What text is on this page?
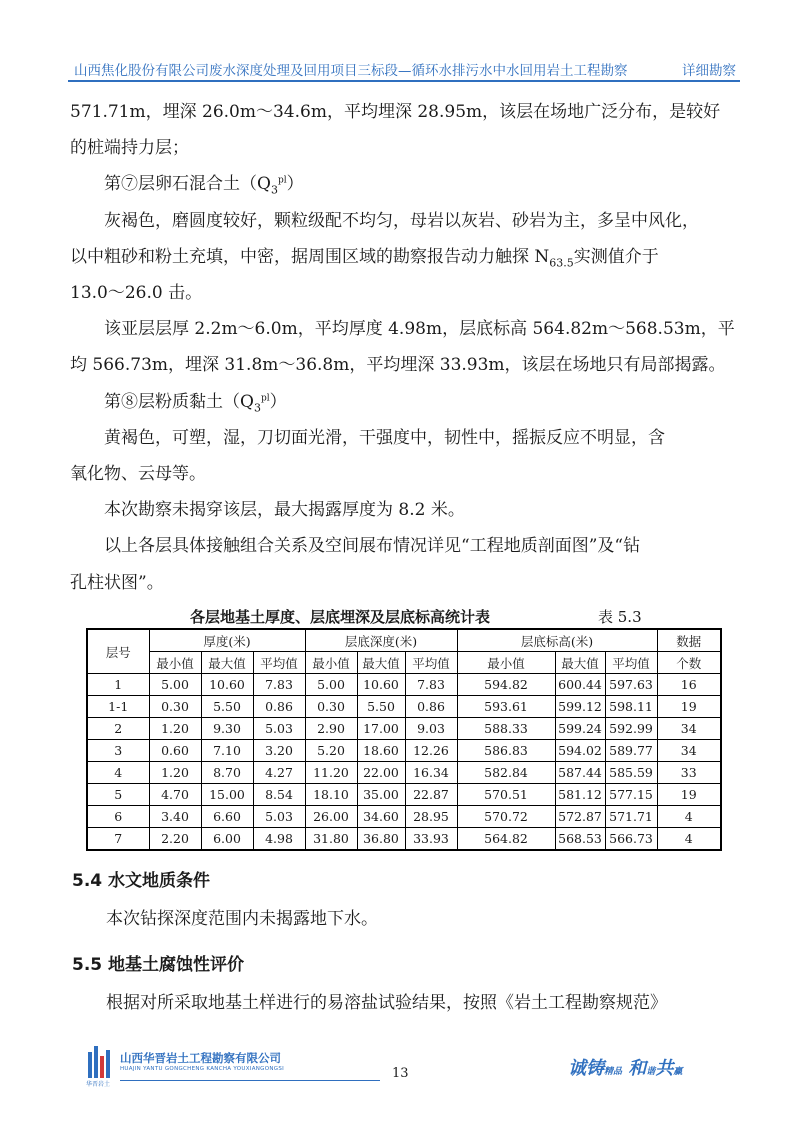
山西焦化股份有限公司废水深度处理及回用项目三标段—循环水排污水中水回用岩土工程勘察	详细勘察

571.71m，埋深 26.0m～34.6m，平均埋深 28.95m，该层在场地广泛分布，是较好

的桩端持力层；

第⑦层卵石混合土$(Q_3^{pl})$

灰褐色，磨圆度较好，颗粒级配不均匀，母岩以灰岩、砂岩为主，多呈中风化，

以中粗砂和粉土充填，中密，据周围区域的勘察报告动力触探 $N_{63.5}$实测值介于

13.0～26.0 击。

该亚层层厚 2.2m～6.0m，平均厚度 4.98m，层底标高 564.82m～568.53m，平

均 566.73m，埋深 31.8m～36.8m，平均埋深 33.93m，该层在场地只有局部揭露。

第⑧层粉质黏土$(Q_3^{pl})$

黄褐色，可塑，湿，刀切面光滑，干强度中，韧性中，摇振反应不明显，含

氧化物、云母等。

本次勘察未揭穿该层，最大揭露厚度为 8.2 米。

以上各层具体接触组合关系及空间展布情况详见“工程地质剖面图”及“钻

孔柱状图”。

各层地基土厚度、层底埋深及层底标高统计表	表 5.3
层号	厚度(米)			层底深度(米)			层底标高(米)			数据
	最小值	最大值	平均值	最小值	最大值	平均值	最小值	最大值	平均值	个数
1	5.00	10.60	7.83	5.00	10.60	7.83	594.82	600.44	597.63	16
1-1	0.30	5.50	0.86	0.30	5.50	0.86	593.61	599.12	598.11	19
2	1.20	9.30	5.03	2.90	17.00	9.03	588.33	599.24	592.99	34
3	0.60	7.10	3.20	5.20	18.60	12.26	586.83	594.02	589.77	34
4	1.20	8.70	4.27	11.20	22.00	16.34	582.84	587.44	585.59	33
5	4.70	15.00	8.54	18.10	35.00	22.87	570.51	581.12	577.15	19
6	3.40	6.60	5.03	26.00	34.60	28.95	570.72	572.87	571.71	4
7	2.20	6.00	4.98	31.80	36.80	33.93	564.82	568.53	566.73	4
5.4 水文地质条件
本次钻探深度范围内未揭露地下水。
5.5 地基土腐蚀性评价
根据对所采取地基土样进行的易溶盐试验结果，按照《岩土工程勘察规范》
华晋岩土
山西华晋岩土工程勘察有限公司
HUAJIN YANTU GONGCHENG KANCHA YOUXIANGONGSI	13	诚铸精品 和谐共赢
